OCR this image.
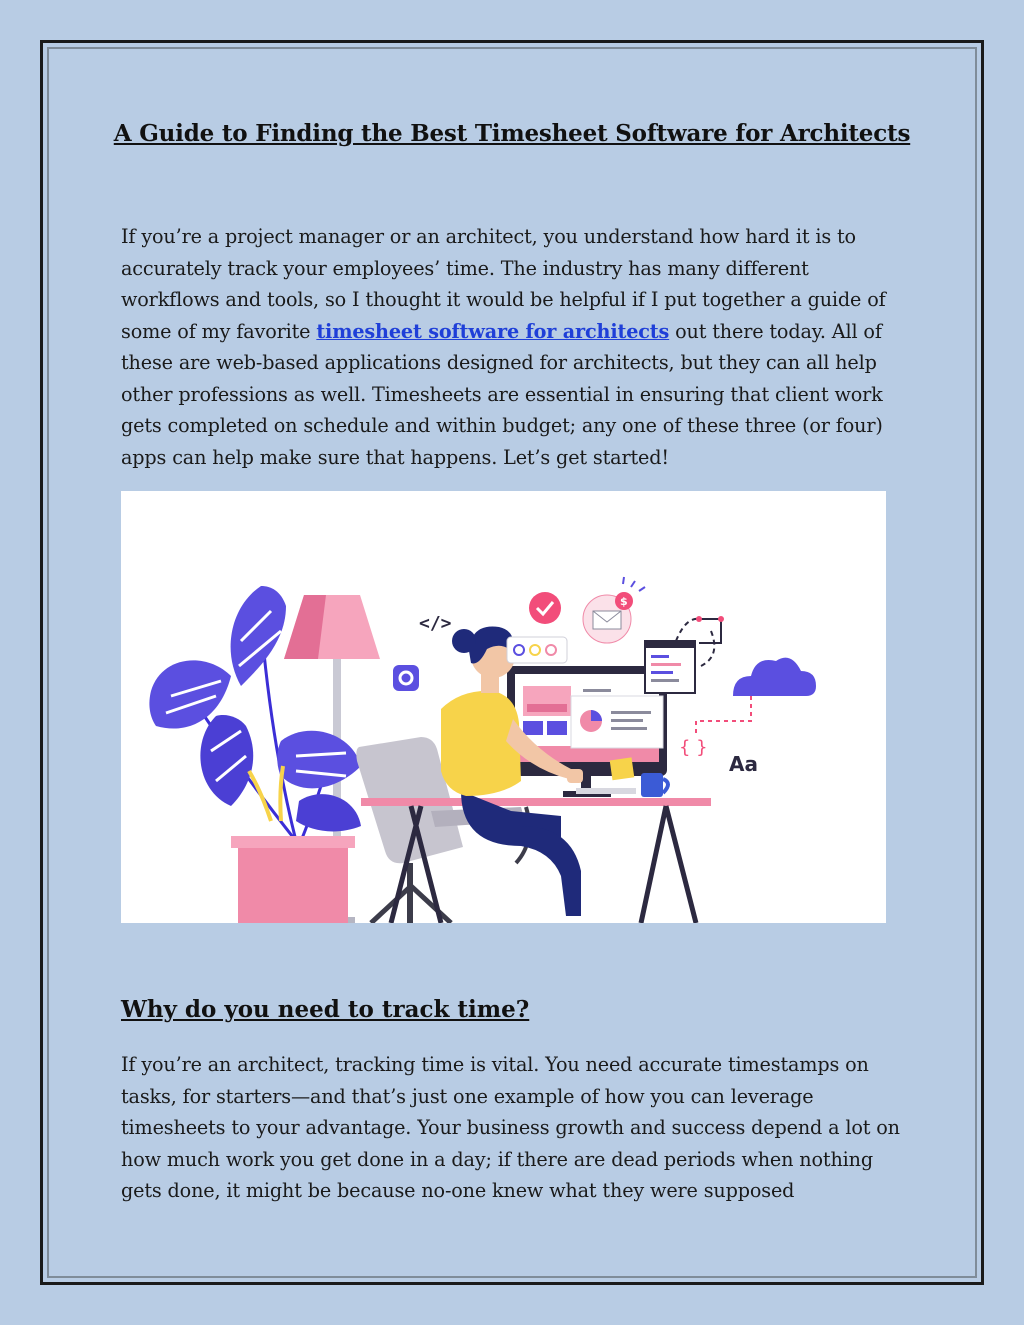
A Guide to Finding the Best Timesheet Software for Architects

If you’re a project manager or an architect, you understand how hard it is to accurately track your employees’ time. The industry has many different workflows and tools, so I thought it would be helpful if I put together a guide of some of my favorite timesheet software for architects out there today. All of these are web-based applications designed for architects, but they can all help other professions as well. Timesheets are essential in ensuring that client work gets completed on schedule and within budget; any one of these three (or four) apps can help make sure that happens. Let’s get started!

</>
$
{ }
Aa
Why do you need to track time?

If you’re an architect, tracking time is vital. You need accurate timestamps on tasks, for starters—and that’s just one example of how you can leverage timesheets to your advantage. Your business growth and success depend a lot on how much work you get done in a day; if there are dead periods when nothing gets done, it might be because no-one knew what they were supposed
